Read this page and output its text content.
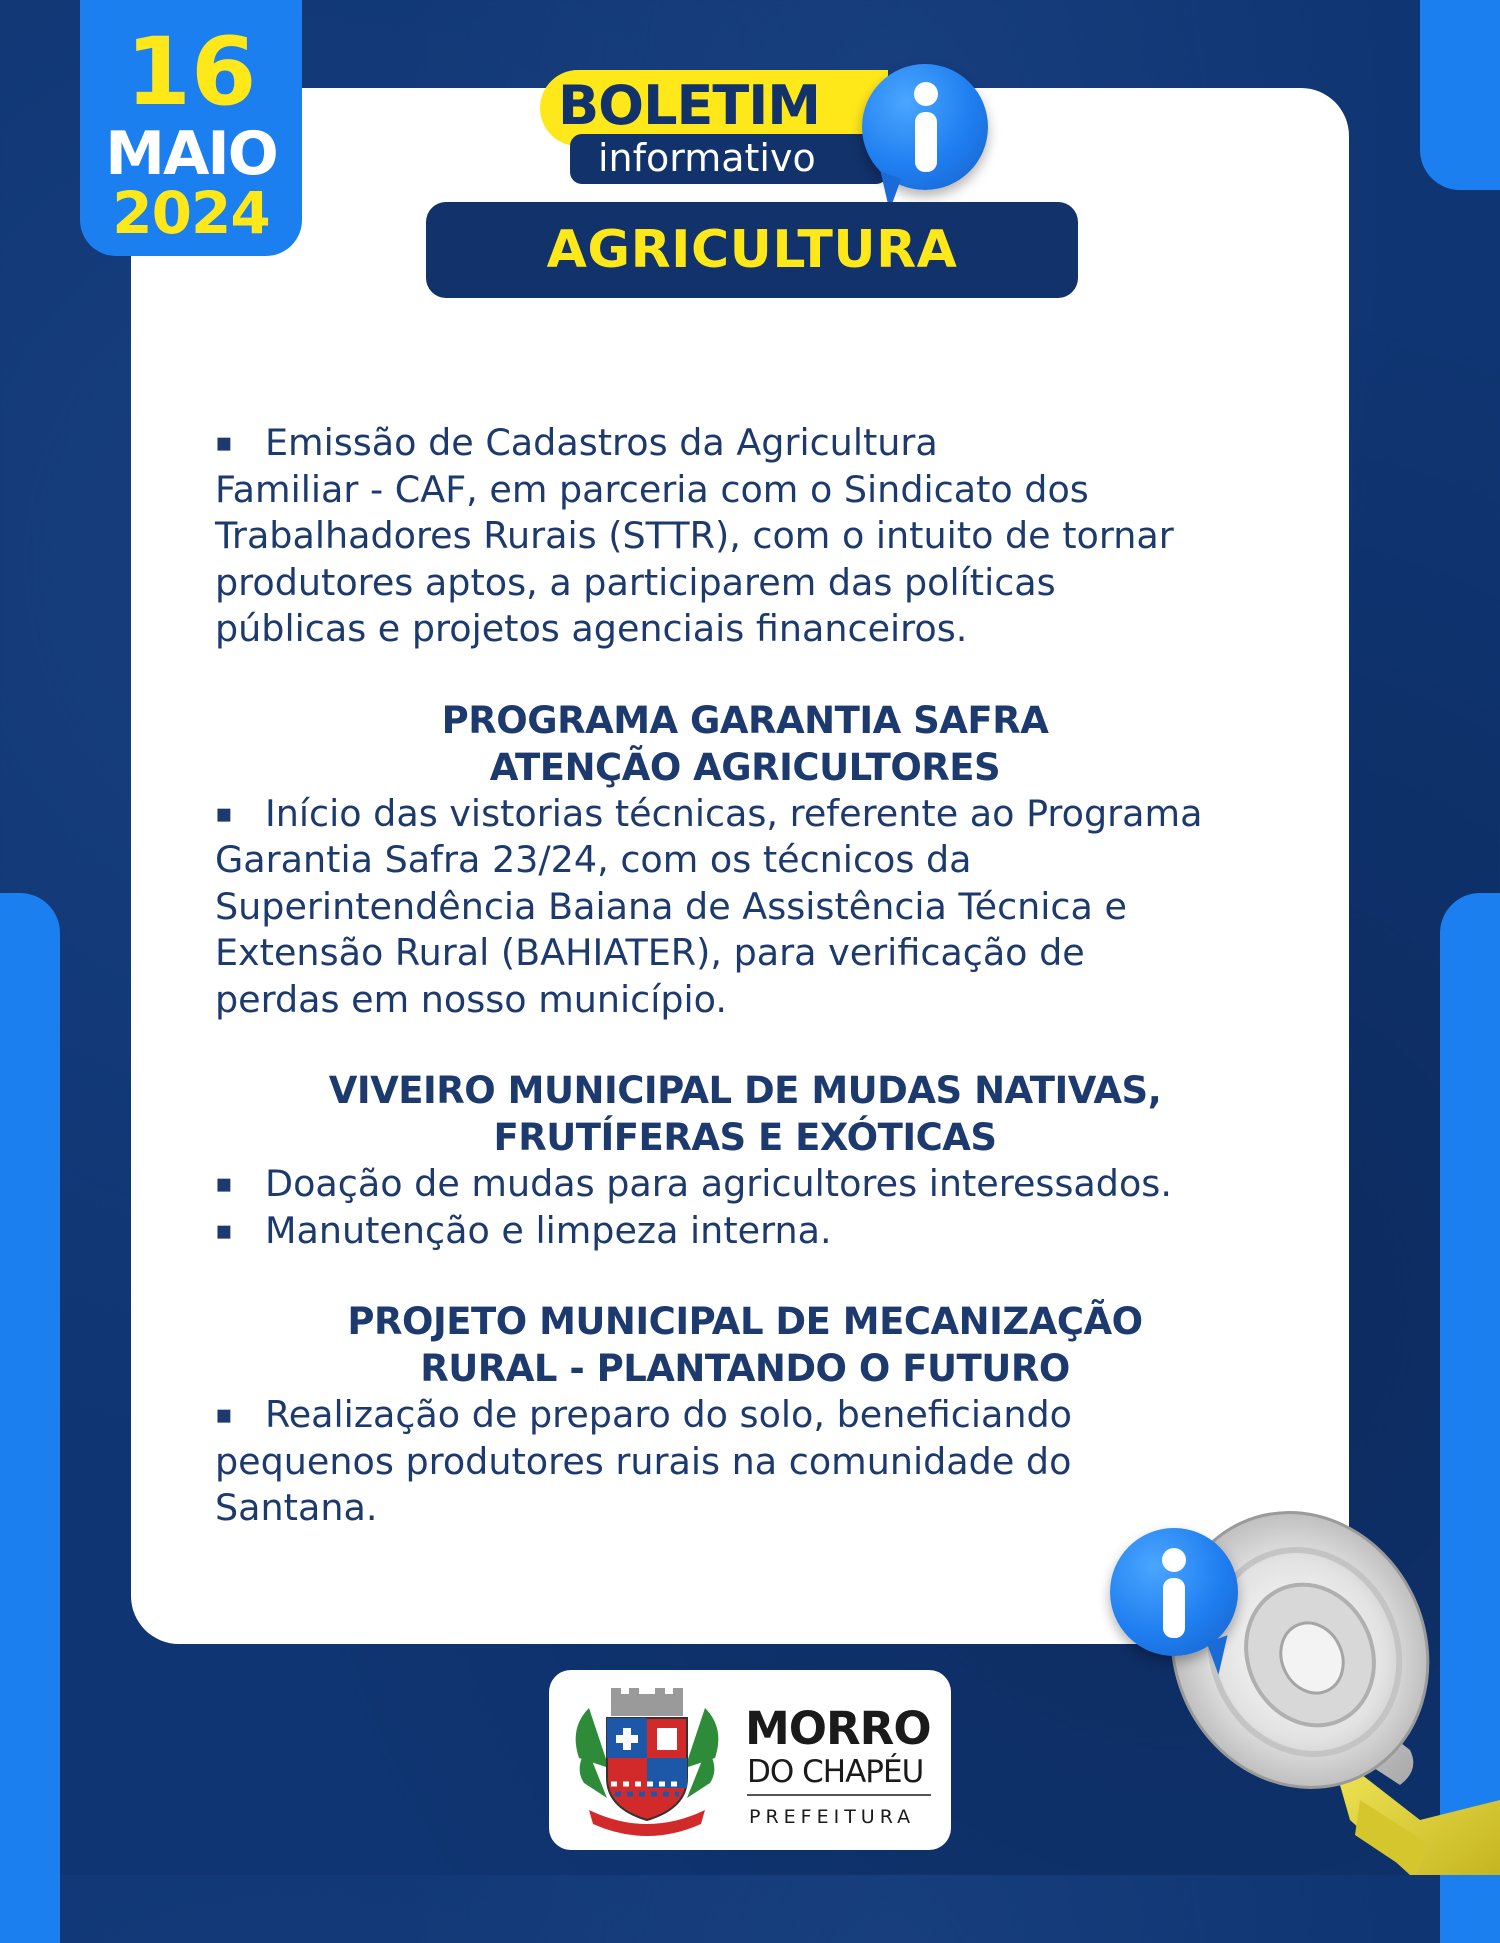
16
MAIO
2024
BOLETIM
informativo
AGRICULTURA

▪ Emissão de Cadastros da Agricultura

Familiar - CAF, em parceria com o Sindicato dos

Trabalhadores Rurais (STTR), com o intuito de tornar

produtores aptos, a participarem das políticas

públicas e projetos agenciais financeiros.

PROGRAMA GARANTIA SAFRA

ATENÇÃO AGRICULTORES

▪ Início das vistorias técnicas, referente ao Programa

Garantia Safra 23/24, com os técnicos da

Superintendência Baiana de Assistência Técnica e

Extensão Rural (BAHIATER), para verificação de

perdas em nosso município.

VIVEIRO MUNICIPAL DE MUDAS NATIVAS,

FRUTÍFERAS E EXÓTICAS

▪ Doação de mudas para agricultores interessados.

▪ Manutenção e limpeza interna.

PROJETO MUNICIPAL DE MECANIZAÇÃO

RURAL - PLANTANDO O FUTURO

▪ Realização de preparo do solo, beneficiando

pequenos produtores rurais na comunidade do

Santana.

MORRO
DO CHAPÉU
PREFEITURA
